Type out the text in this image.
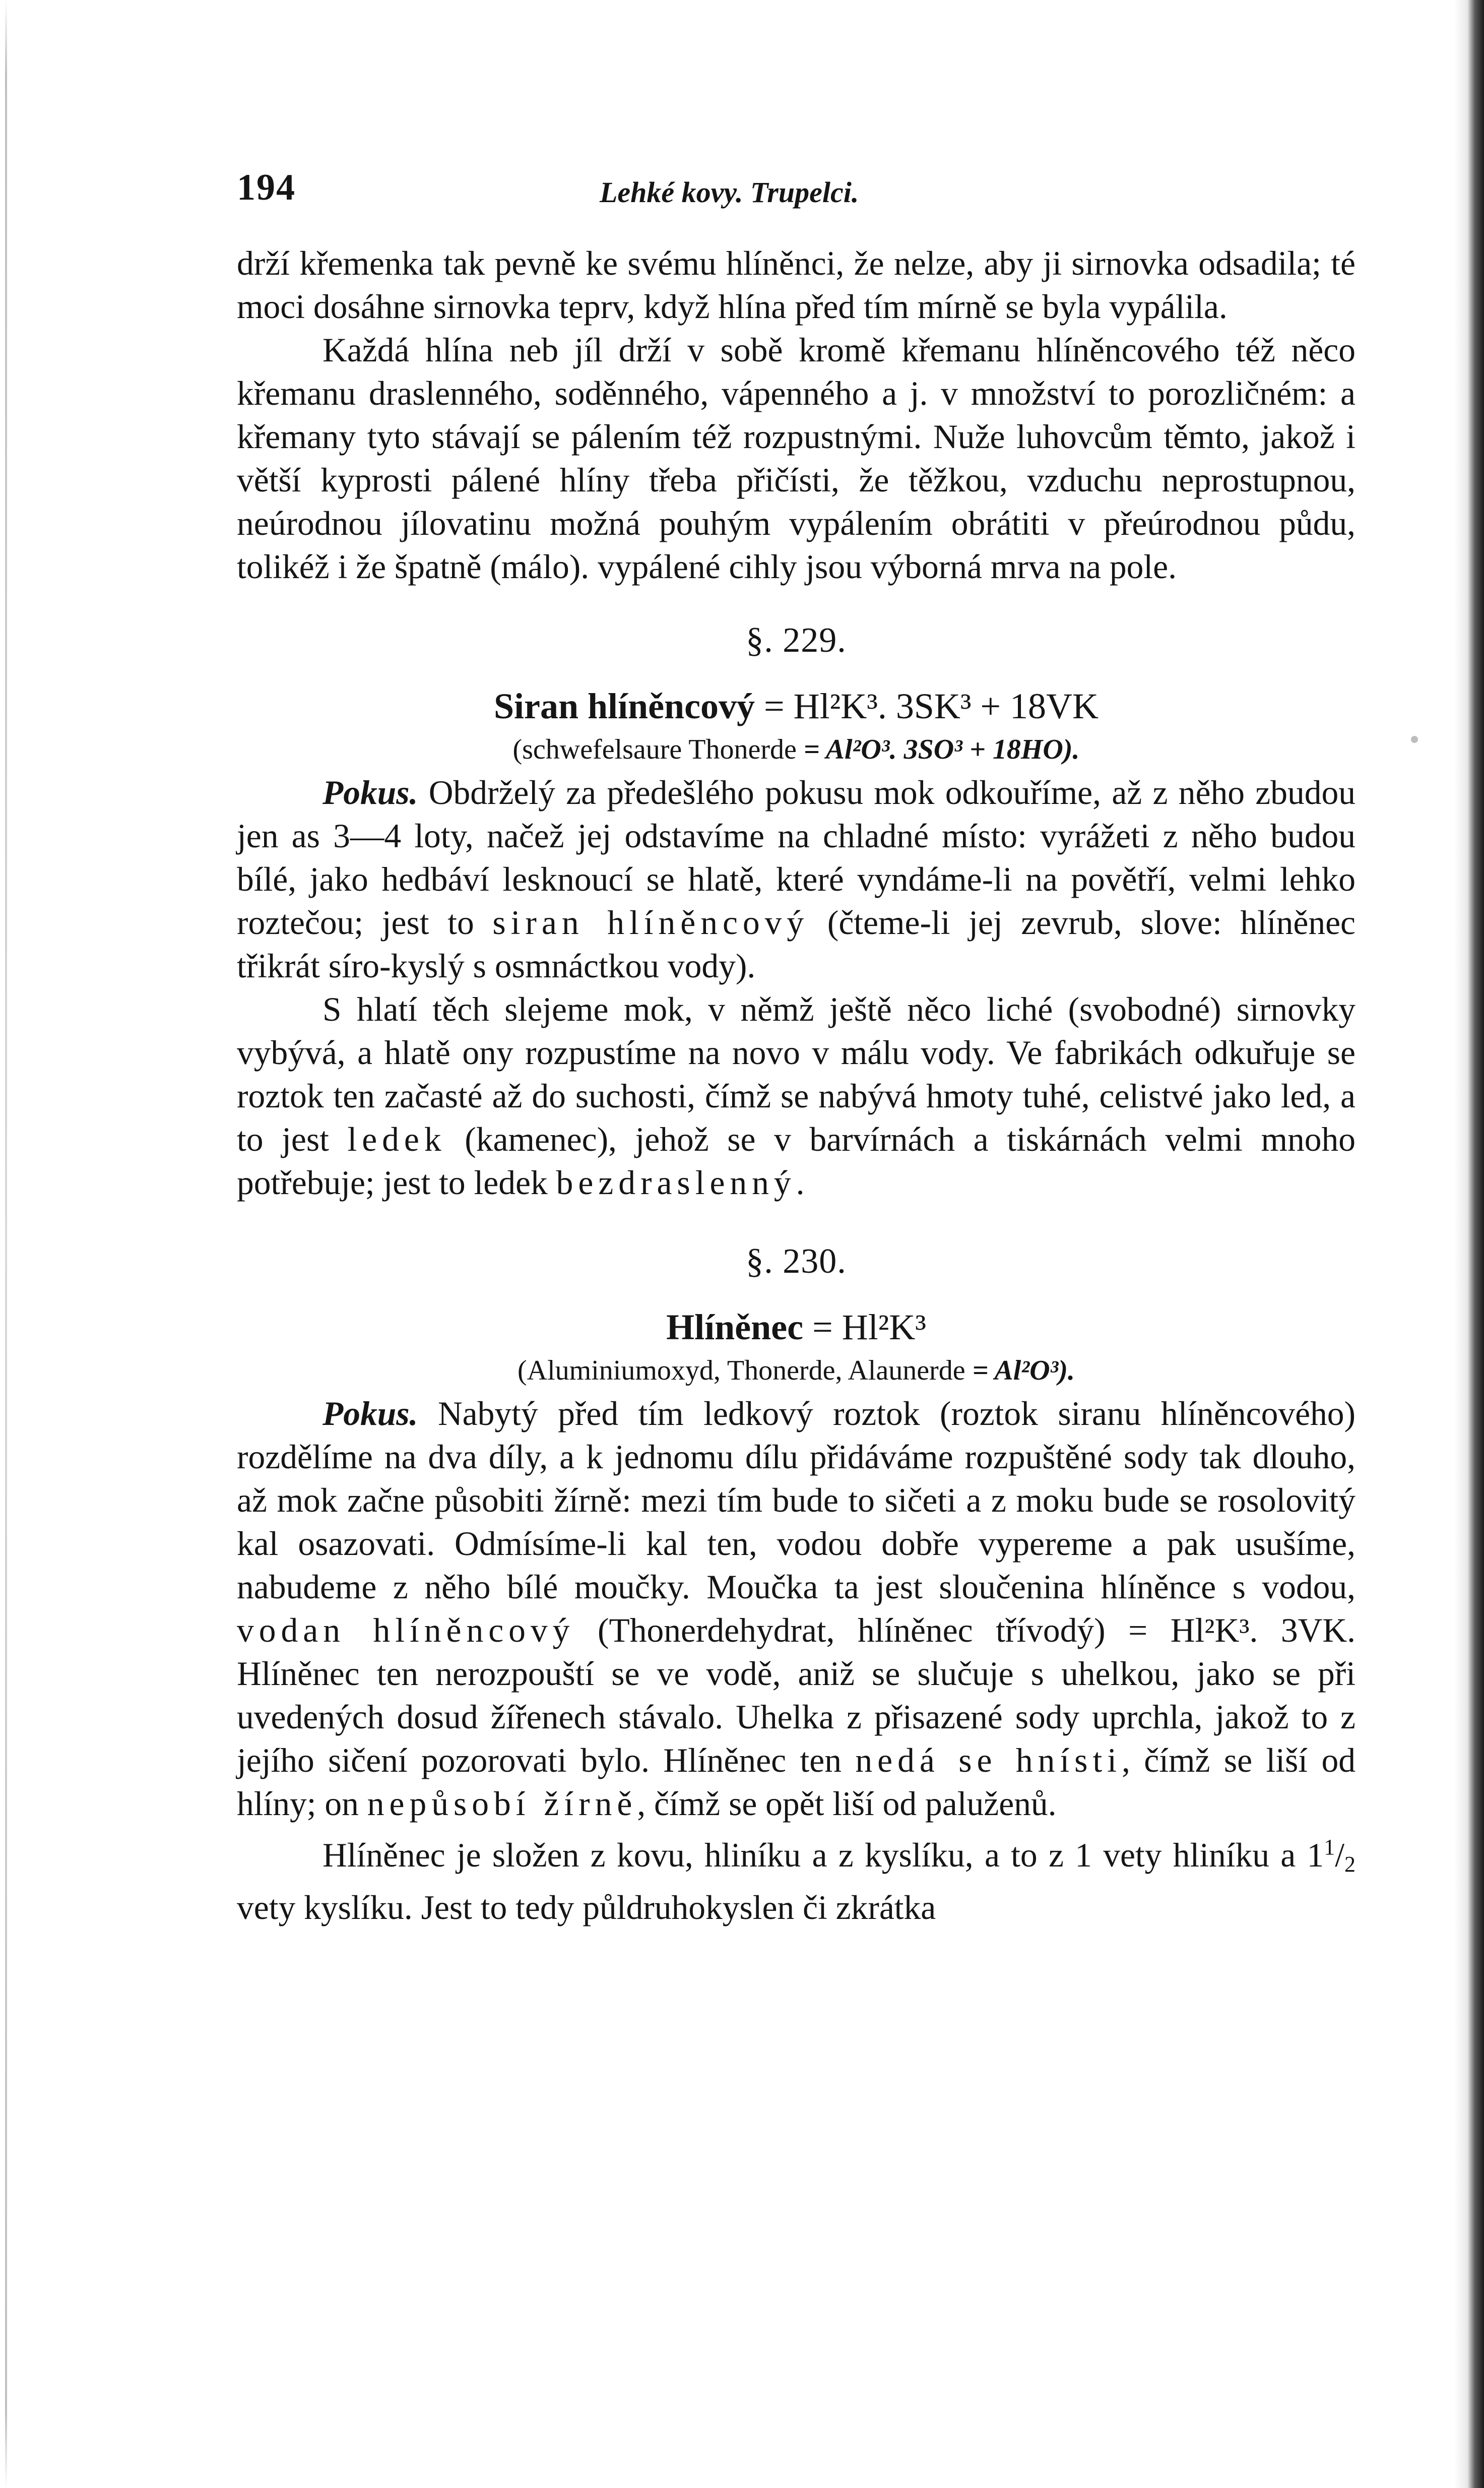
194	Lehké kovy. Trupelci.

drží křemenka tak pevně ke svému hlíněnci, že nelze, aby ji sirnovka odsadila; té moci dosáhne sirnovka teprv, když hlína před tím mírně se byla vypálila.

Každá hlína neb jíl drží v sobě kromě křemanu hlíněncového též něco křemanu draslenného, soděnného, vápenného a j. v množství to porozličném: a křemany tyto stávají se pálením též rozpustnými. Nuže luhovcům těmto, jakož i větší kyprosti pálené hlíny třeba přičísti, že těžkou, vzduchu neprostupnou, neúrodnou jílovatinu možná pouhým vypálením obrátiti v přeúrodnou půdu, tolikéž i že špatně (málo). vypálené cihly jsou výborná mrva na pole.

§. 229.

Siran hlíněncový = Hl²K³. 3SK³ + 18VK

(schwefelsaure Thonerde = Al²O³. 3SO³ + 18HO).

Pokus. Obdrželý za předešlého pokusu mok odkouříme, až z něho zbudou jen as 3—4 loty, načež jej odstavíme na chladné místo: vyrážeti z něho budou bílé, jako hedbáví lesknoucí se hlatě, které vyndáme-li na povětří, velmi lehko roztečou; jest to siran hlíněncový (čteme-li jej zevrub, slove: hlíněnec třikrát síro-kyslý s osmnáctkou vody).

S hlatí těch slejeme mok, v němž ještě něco liché (svobodné) sirnovky vybývá, a hlatě ony rozpustíme na novo v málu vody. Ve fabrikách odkuřuje se roztok ten začasté až do suchosti, čímž se nabývá hmoty tuhé, celistvé jako led, a to jest ledek (kamenec), jehož se v barvírnách a tiskárnách velmi mnoho potřebuje; jest to ledek bezdraslenný.

§. 230.

Hlíněnec = Hl²K³

(Aluminiumoxyd, Thonerde, Alaunerde = Al²O³).

Pokus. Nabytý před tím ledkový roztok (roztok siranu hlíněncového) rozdělíme na dva díly, a k jednomu dílu přidáváme rozpuštěné sody tak dlouho, až mok začne působiti žírně: mezi tím bude to sičeti a z moku bude se rosolovitý kal osazovati. Odmísíme-li kal ten, vodou dobře vypereme a pak usušíme, nabudeme z něho bílé moučky. Moučka ta jest sloučenina hlíněnce s vodou, vodan hlíněncový (Thonerdehydrat, hlíněnec třívodý) = Hl²K³. 3VK. Hlíněnec ten nerozpouští se ve vodě, aniž se slučuje s uhelkou, jako se při uvedených dosud žířenech stávalo. Uhelka z přisazené sody uprchla, jakož to z jejího sičení pozorovati bylo. Hlíněnec ten nedá se hnísti, čímž se liší od hlíny; on nepůsobí žírně, čímž se opět liší od paluženů.

Hlíněnec je složen z kovu, hliníku a z kyslíku, a to z 1 vety hliníku a $1^1/2$ vety kyslíku. Jest to tedy půldruhokyslen či zkrátka
